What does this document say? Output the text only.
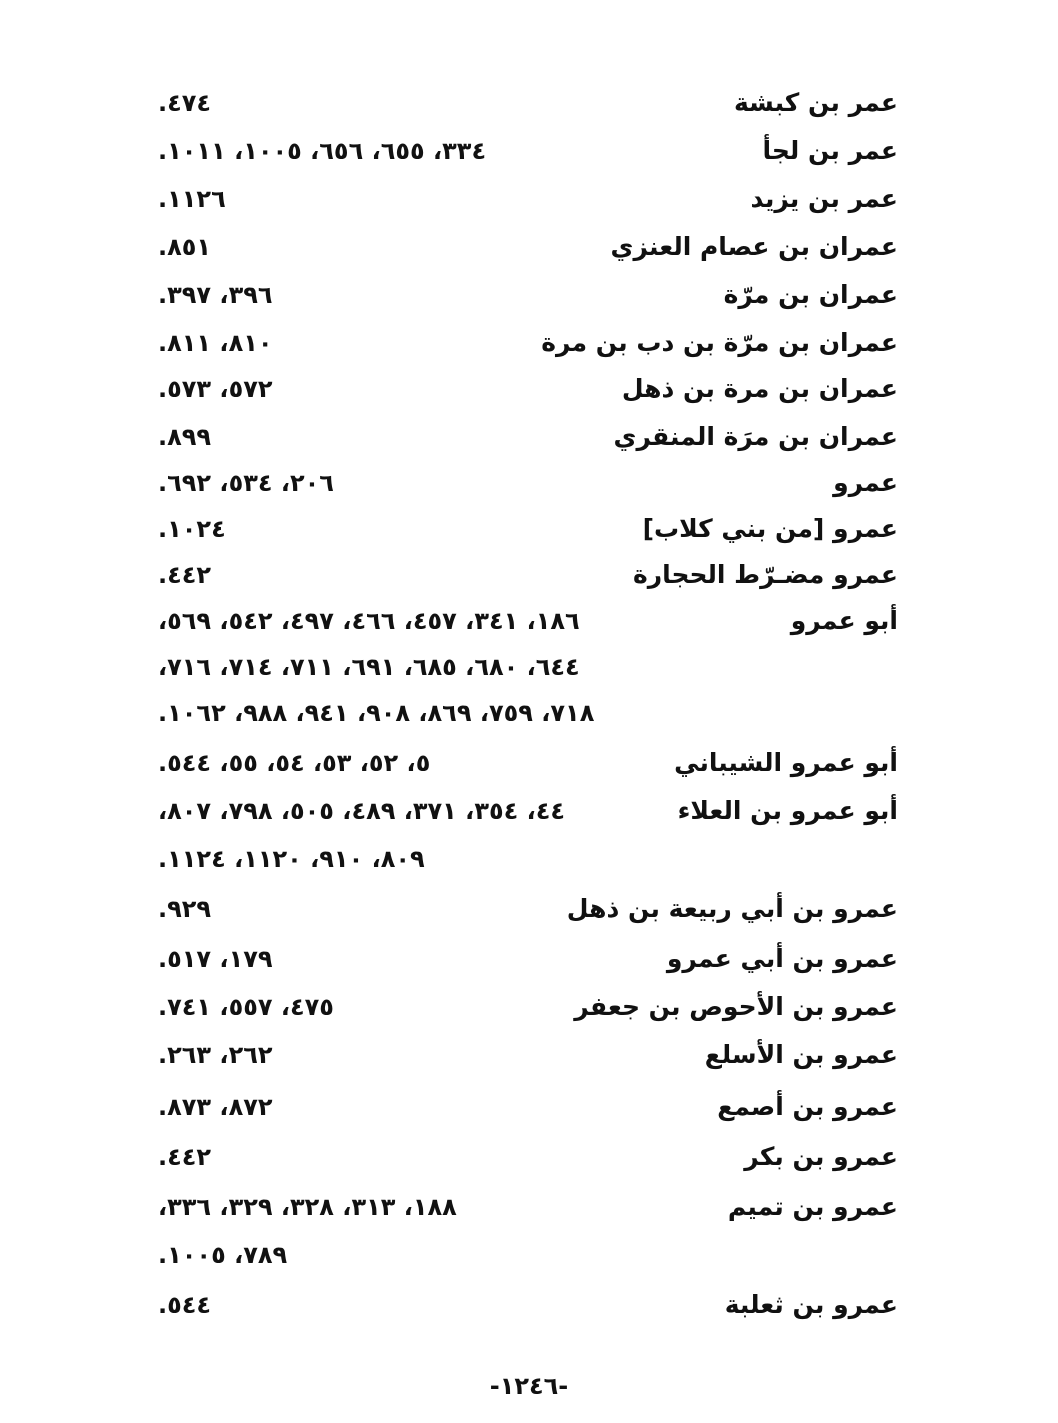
عمر بن كبشة
٤٧٤.
عمر بن لجأ
٣٣٤، ٦٥٥، ٦٥٦، ١٠٠٥، ١٠١١.
عمر بن يزيد
١١٢٦.
عمران بن عصام العنزي
٨٥١.
عمران بن مرّة
٣٩٦، ٣٩٧.
عمران بن مرّة بن دب بن مرة
٨١٠، ٨١١.
عمران بن مرة بن ذهل
٥٧٢، ٥٧٣.
عمران بن مرَة المنقري
٨٩٩.
عمرو
٢٠٦، ٥٣٤، ٦٩٢.
عمرو [من بني كلاب]
١٠٢٤.
عمرو مضـرّط الحجارة
٤٤٢.
أبو عمرو
١٨٦، ٣٤١، ٤٥٧، ٤٦٦، ٤٩٧، ٥٤٢، ٥٦٩،
٦٤٤، ٦٨٠، ٦٨٥، ٦٩١، ٧١١، ٧١٤، ٧١٦،
٧١٨، ٧٥٩، ٨٦٩، ٩٠٨، ٩٤١، ٩٨٨، ١٠٦٢.
أبو عمرو الشيباني
٥، ٥٢، ٥٣، ٥٤، ٥٥، ٥٤٤.
أبو عمرو بن العلاء
٤٤، ٣٥٤، ٣٧١، ٤٨٩، ٥٠٥، ٧٩٨، ٨٠٧،
٨٠٩، ٩١٠، ١١٢٠، ١١٢٤.
عمرو بن أبي ربيعة بن ذهل
٩٢٩.
عمرو بن أبي عمرو
١٧٩، ٥١٧.
عمرو بن الأحوص بن جعفر
٤٧٥، ٥٥٧، ٧٤١.
عمرو بن الأسلع
٢٦٢، ٢٦٣.
عمرو بن أصمع
٨٧٢، ٨٧٣.
عمرو بن بكر
٤٤٢.
عمرو بن تميم
١٨٨، ٣١٣، ٣٢٨، ٣٢٩، ٣٣٦،
٧٨٩، ١٠٠٥.
عمرو بن ثعلبة
٥٤٤.
-١٢٤٦-
